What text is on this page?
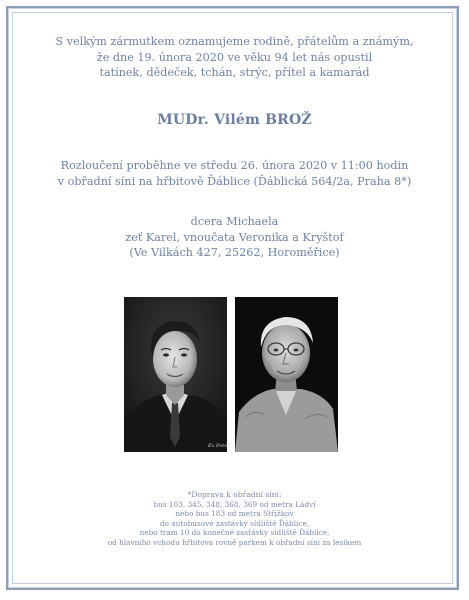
S velkým zármutkem oznamujeme rodině, přátelům a známým,
že dne 19. února 2020 ve věku 94 let nás opustil
tatínek, dědeček, tchán, strýc, přítel a kamarád
MUDr. Vilém BROŽ
Rozloučení proběhne ve středu 26. února 2020 v 11:00 hodin
v obřadní síni na hřbitově Ďáblice (Ďáblická 564/2a, Praha 8*)
dcera Michaela
zeť Karel, vnoučata Veronika a Kryštof
(Ve Vilkách 427, 25262, Horoměřice)
Ex Fotó
*Doprava k obřadní síni:
bus 103, 345, 348, 368, 369 od metra Ládví
nebo bus 183 od metra Střížkov
do autobusové zastávky sídliště Ďáblice,
nebo tram 10 do konečné zastávky sídliště Ďáblice,
od hlavního vchodu hřbitova rovně parkem k obřadní síni za lesíkem
